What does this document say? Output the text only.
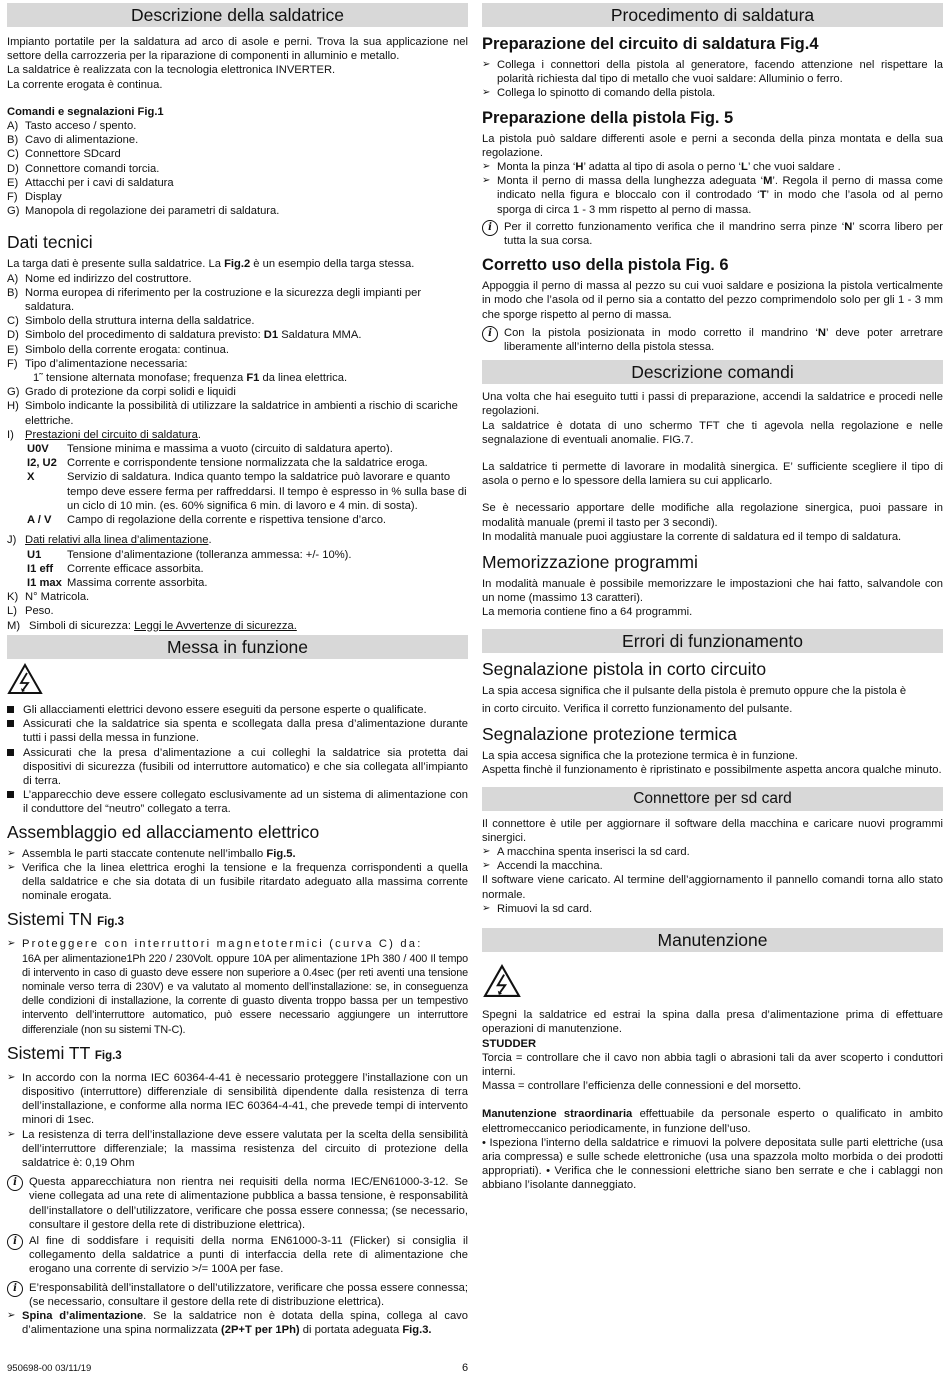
Descrizione della saldatrice

Impianto portatile per la saldatura ad arco di asole e perni. Trova la sua applicazione nel settore della carrozzeria per la riparazione di componenti in alluminio e metallo.

La saldatrice è realizzata con la tecnologia elettronica INVERTER.

La corrente erogata è continua.

Comandi e segnalazioni Fig.1

A) Tasto acceso / spento.
B) Cavo di alimentazione.
C) Connettore SDcard
D) Connettore comandi torcia.
E) Attacchi per i cavi di saldatura
F) Display
G) Manopola di regolazione dei parametri di saldatura.
Dati tecnici

La targa dati è presente sulla saldatrice. La Fig.2 è un esempio della targa stessa.

A) Nome ed indirizzo del costruttore.
B) Norma europea di riferimento per la costruzione e la sicurezza degli impianti per saldatura.
C) Simbolo della struttura interna della saldatrice.
D) Simbolo del procedimento di saldatura previsto: D1 Saldatura MMA.
E) Simbolo della corrente erogata: continua.
F) Tipo d’alimentazione necessaria:
1˜ tensione alternata monofase; frequenza F1 da linea elettrica.
G) Grado di protezione da corpi solidi e liquidi
H) Simbolo indicante la possibilità di utilizzare la saldatrice in ambienti a rischio di scariche elettriche.
I) Prestazioni del circuito di saldatura.
U0V	Tensione minima e massima a vuoto (circuito di saldatura aperto).
I2, U2 Corrente e corrispondente tensione normalizzata che la saldatrice eroga.
X	Servizio di saldatura. Indica quanto tempo la saldatrice può lavorare e quanto tempo deve essere ferma per raffreddarsi. Il tempo è espresso in % sulla base di un ciclo di 10 min. (es. 60% significa 6 min. di lavoro e 4 min. di sosta).
A / V	Campo di regolazione della corrente e rispettiva tensione d’arco.
J) Dati relativi alla linea d’alimentazione.
U1	Tensione d’alimentazione (tolleranza ammessa: +/- 10%).
I1 eff	Corrente efficace assorbita.
I1 max Massima corrente assorbita.
K) N° Matricola.
L) Peso.
M) Simboli di sicurezza: Leggi le Avvertenze di sicurezza.
Messa in funzione

Gli allacciamenti elettrici devono essere eseguiti da persone esperte o qualificate.

Assicurati che la saldatrice sia spenta e scollegata dalla presa d’alimentazione durante tutti i passi della messa in funzione.

Assicurati che la presa d’alimentazione a cui colleghi la saldatrice sia protetta dai dispositivi di sicurezza (fusibili od interruttore automatico) e che sia collegata all’impianto di terra.

L’apparecchio deve essere collegato esclusivamente ad un sistema di alimentazione con il conduttore del “neutro” collegato a terra.

Assemblaggio ed allacciamento elettrico
➢ Assembla le parti staccate contenute nell’imballo Fig.5.

➢ Verifica che la linea elettrica eroghi la tensione e la frequenza corrispondenti a quella della saldatrice e che sia dotata di un fusibile ritardato adeguato alla massima corrente nominale erogata.

Sistemi TN Fig.3
➢ Proteggere con interruttori magnetotermici (curva C) da:
16A per alimentazione1Ph 220 / 230Volt. oppure 10A per alimentazione 1Ph 380 / 400 Il tempo di intervento in caso di guasto deve essere non superiore a 0.4sec (per reti aventi una tensione nominale verso terra di 230V) e va valutato al momento dell’installazione: se, in conseguenza delle condizioni di installazione, la corrente di guasto diventa troppo bassa per un tempestivo intervento dell’interruttore automatico, può essere necessario aggiungere un interruttore differenziale (non su sistemi TN-C).

Sistemi TT Fig.3
➢ In accordo con la norma IEC 60364-4-41 è necessario proteggere l’installazione con un dispositivo (interruttore) differenziale di sensibilità dipendente dalla resistenza di terra dell’installazione, e conforme alla norma IEC 60364-4-41, che prevede tempi di intervento minori di 1sec.

➢ La resistenza di terra dell’installazione deve essere valutata per la scelta della sensibilità dell’interruttore differenziale; la massima resistenza del circuito di protezione della saldatrice è: 0,19 Ohm

i	Questa apparecchiatura non rientra nei requisiti della norma IEC/EN61000-3-12. Se viene collegata ad una rete di alimentazione pubblica a bassa tensione, è responsabilità dell’installatore o dell’utilizzatore, verificare che possa essere connessa; (se necessario, consultare il gestore della rete di distribuzione elettrica).

i	Al fine di soddisfare i requisiti della norma EN61000-3-11 (Flicker) si consiglia il collegamento della saldatrice a punti di interfaccia della rete di alimentazione che erogano una corrente di servizio >/= 100A per fase.

i	E’responsabilità dell’installatore o dell’utilizzatore, verificare che possa essere connessa; (se necessario, consultare il gestore della rete di distribuzione elettrica).

➢ Spina d’alimentazione. Se la saldatrice non è dotata della spina, collega al cavo d’alimentazione una spina normalizzata (2P+T per 1Ph) di portata adeguata Fig.3.

Procedimento di saldatura
Preparazione del circuito di saldatura Fig.4
➢ Collega i connettori della pistola al generatore, facendo attenzione nel rispettare la polarità richiesta dal tipo di metallo che vuoi saldare: Alluminio o ferro.

➢ Collega lo spinotto di comando della pistola.

Preparazione della pistola Fig. 5

La pistola può saldare differenti asole e perni a seconda della pinza montata e della sua regolazione.

➢ Monta la pinza ‘H’ adatta al tipo di asola o perno ‘L’ che vuoi saldare .

➢ Monta il perno di massa della lunghezza adeguata ‘M’. Regola il perno di massa come indicato nella figura e bloccalo con il controdado ‘T’ in modo che l’asola od al perno sporga di circa 1 - 3 mm rispetto al perno di massa.

i	Per il corretto funzionamento verifica che il mandrino serra pinze ‘N’ scorra libero per tutta la sua corsa.

Corretto uso della pistola Fig. 6

Appoggia il perno di massa al pezzo su cui vuoi saldare e posiziona la pistola verticalmente in modo che l’asola od il perno sia a contatto del pezzo comprimendolo solo per gli 1 - 3 mm che sporge rispetto al perno di massa.

i	Con la pistola posizionata in modo corretto il mandrino ‘N’ deve poter arretrare liberamente all’interno della pistola stessa.

Descrizione comandi

Una volta che hai eseguito tutti i passi di preparazione, accendi la saldatrice e procedi nelle regolazioni.

La saldatrice è dotata di uno schermo TFT che ti agevola nella regolazione e nelle segnalazione di eventuali anomalie. FIG.7.

La saldatrice ti permette di lavorare in modalità sinergica. E’ sufficiente scegliere il tipo di asola o perno e lo spessore della lamiera su cui applicarlo.

Se è necessario apportare delle modifiche alla regolazione sinergica, puoi passare in modalità manuale (premi il tasto per 3 secondi).

In modalità manuale puoi aggiustare la corrente di saldatura ed il tempo di saldatura.

Memorizzazione programmi

In modalità manuale è possibile memorizzare le impostazioni che hai fatto, salvandole con un nome (massimo 13 caratteri).

La memoria contiene fino a 64 programmi.

Errori di funzionamento
Segnalazione pistola in corto circuito

La spia accesa significa che il pulsante della pistola è premuto oppure che la pistola è

in corto circuito. Verifica il corretto funzionamento del pulsante.

Segnalazione protezione termica

La spia accesa significa che la protezione termica è in funzione.

Aspetta finchè il funzionamento è ripristinato e possibilmente aspetta ancora qualche minuto.

Connettore per sd card

Il connettore è utile per aggiornare il software della macchina e caricare nuovi programmi sinergici.

➢ A macchina spenta inserisci la sd card.

➢ Accendi la macchina.

Il software viene caricato. Al termine dell’aggiornamento il pannello comandi torna allo stato normale.

➢ Rimuovi la sd card.

Manutenzione

Spegni la saldatrice ed estrai la spina dalla presa d’alimentazione prima di effettuare operazioni di manutenzione.

STUDDER

Torcia = controllare che il cavo non abbia tagli o abrasioni tali da aver scoperto i conduttori interni.

Massa = controllare l’efficienza delle connessioni e del morsetto.

Manutenzione straordinaria effettuabile da personale esperto o qualificato in ambito elettromeccanico periodicamente, in funzione dell’uso.

• Ispeziona l’interno della saldatrice e rimuovi la polvere depositata sulle parti elettriche (usa aria compressa) e sulle schede elettroniche (usa una spazzola molto morbida o dei prodotti appropriati). • Verifica che le connessioni elettriche siano ben serrate e che i cablaggi non abbiano l’isolante danneggiato.

950698-00 03/11/19	6
